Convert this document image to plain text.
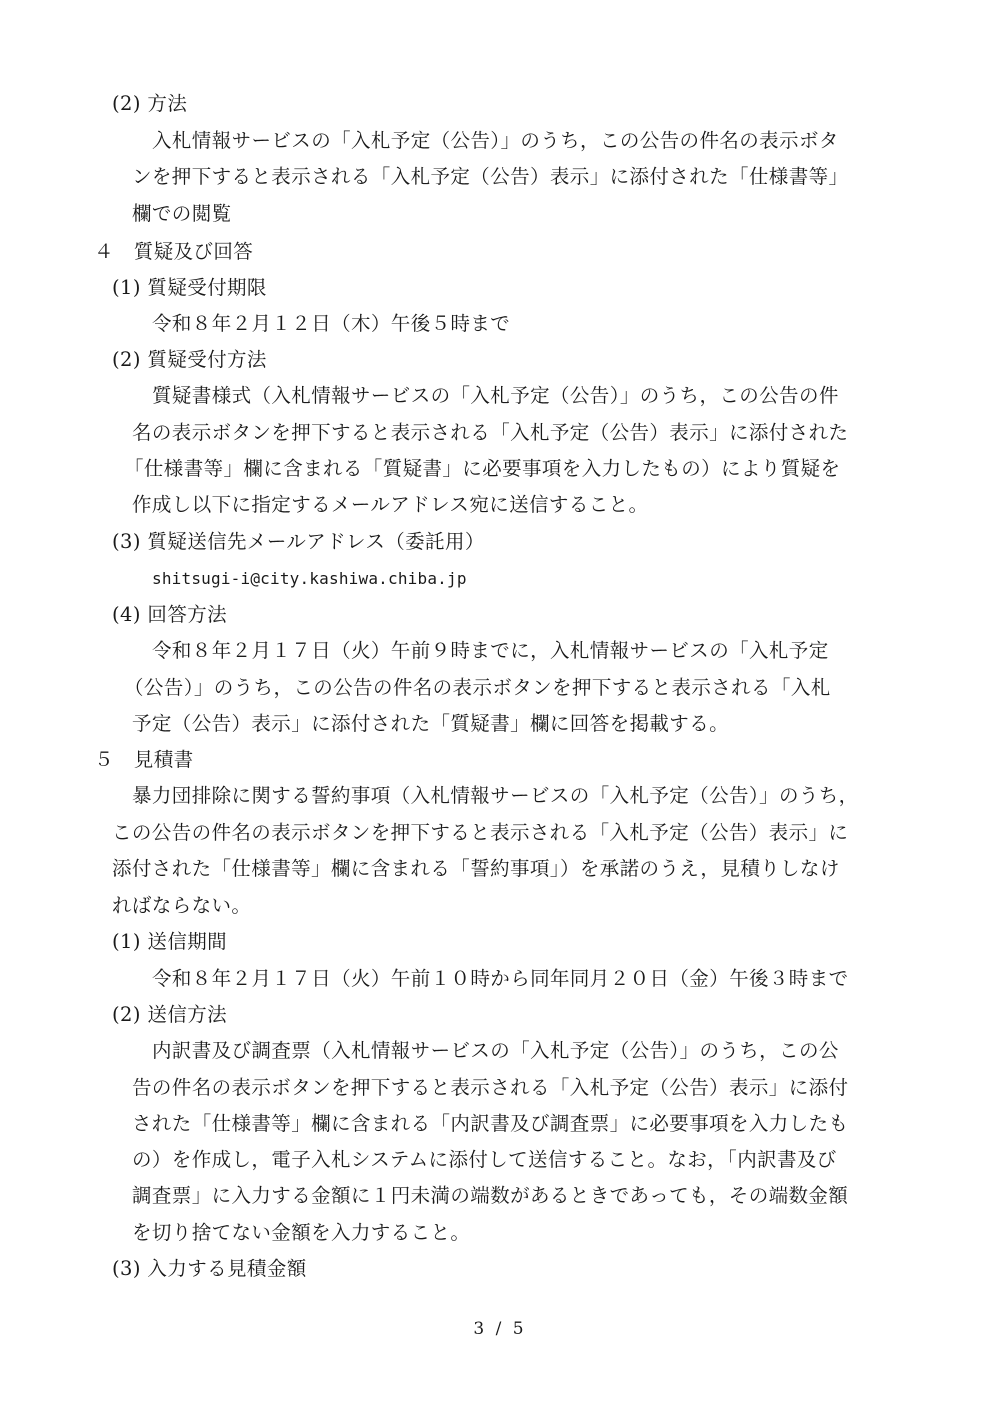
(2) 方法
入札情報サービスの「入札予定（公告）」のうち，この公告の件名の表示ボタ
ンを押下すると表示される「入札予定（公告）表示」に添付された「仕様書等」
欄での閲覧
４　質疑及び回答
(1) 質疑受付期限
令和８年２月１２日（木）午後５時まで
(2) 質疑受付方法
質疑書様式（入札情報サービスの「入札予定（公告）」のうち，この公告の件
名の表示ボタンを押下すると表示される「入札予定（公告）表示」に添付された
「仕様書等」欄に含まれる「質疑書」に必要事項を入力したもの）により質疑を
作成し以下に指定するメールアドレス宛に送信すること。
(3) 質疑送信先メールアドレス（委託用）
shitsugi-i@city.kashiwa.chiba.jp
(4) 回答方法
令和８年２月１７日（火）午前９時までに，入札情報サービスの「入札予定
（公告）」のうち，この公告の件名の表示ボタンを押下すると表示される「入札
予定（公告）表示」に添付された「質疑書」欄に回答を掲載する。
５　見積書
暴力団排除に関する誓約事項（入札情報サービスの「入札予定（公告）」のうち，
この公告の件名の表示ボタンを押下すると表示される「入札予定（公告）表示」に
添付された「仕様書等」欄に含まれる「誓約事項」）を承諾のうえ，見積りしなけ
ればならない。
(1) 送信期間
令和８年２月１７日（火）午前１０時から同年同月２０日（金）午後３時まで
(2) 送信方法
内訳書及び調査票（入札情報サービスの「入札予定（公告）」のうち，この公
告の件名の表示ボタンを押下すると表示される「入札予定（公告）表示」に添付
された「仕様書等」欄に含まれる「内訳書及び調査票」に必要事項を入力したも
の）を作成し，電子入札システムに添付して送信すること。なお，「内訳書及び
調査票」に入力する金額に１円未満の端数があるときであっても，その端数金額
を切り捨てない金額を入力すること。
(3) 入力する見積金額
3 / 5
